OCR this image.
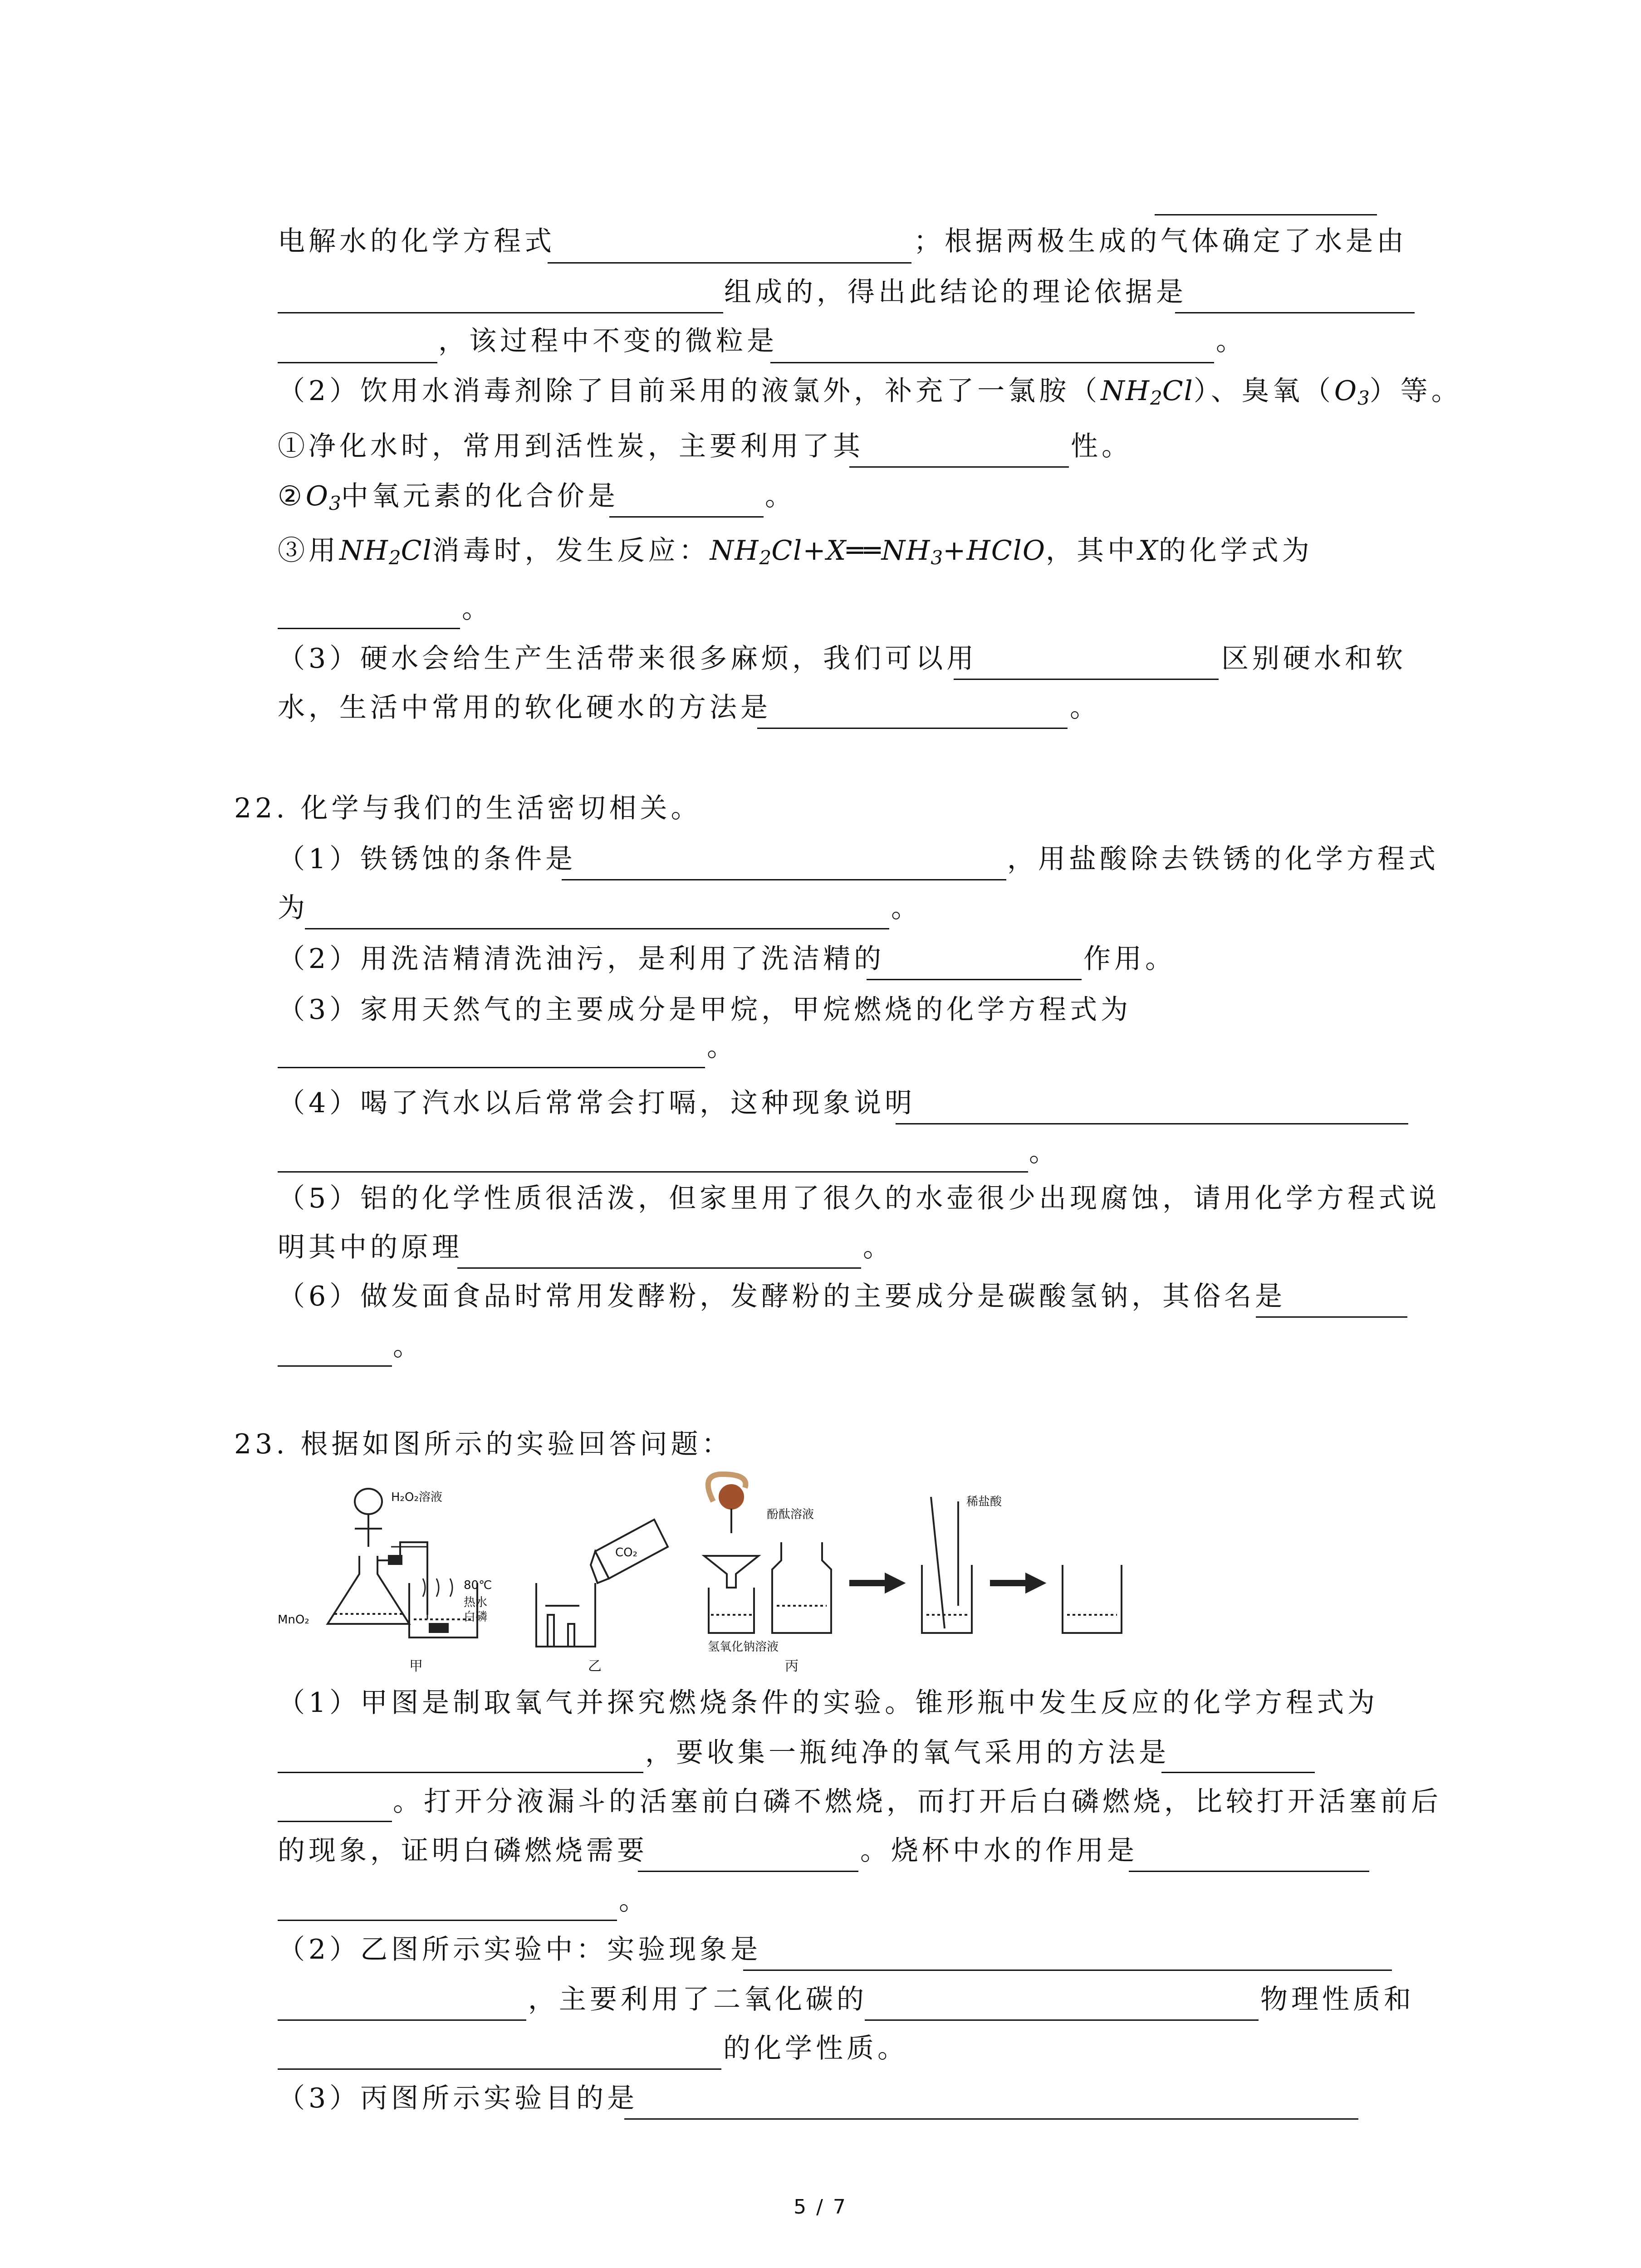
电解水的化学方程式	；根据两极生成的气体确定了水是由
组成的，得出此结论的理论依据是
，该过程中不变的微粒是	。
（2）饮用水消毒剂除了目前采用的液氯外，补充了一氯胺$(NH_2Cl)$、臭氧$(O_3)$等。
①净化水时，常用到活性炭，主要利用了其	性。
$②O_3$中氧元素的化合价是	。
③用$NH_2Cl$消毒时，发生反应：$NH_2Cl+X══NH_3+HClO$，其中X的化学式为
。
（3）硬水会给生产生活带来很多麻烦，我们可以用	区别硬水和软
水，生活中常用的软化硬水的方法是	。
22. 化学与我们的生活密切相关。
（1）铁锈蚀的条件是	，用盐酸除去铁锈的化学方程式
为	。
（2）用洗洁精清洗油污，是利用了洗洁精的	作用。
（3）家用天然气的主要成分是甲烷，甲烷燃烧的化学方程式为
。
（4）喝了汽水以后常常会打嗝，这种现象说明
。
（5）铝的化学性质很活泼，但家里用了很久的水壶很少出现腐蚀，请用化学方程式说
明其中的原理	。
（6）做发面食品时常用发酵粉，发酵粉的主要成分是碳酸氢钠，其俗名是
。
23. 根据如图所示的实验回答问题：
H₂O₂溶液
80℃
热水
白磷
MnO₂
CO₂
酚酞溶液
氢氧化钠溶液
稀盐酸
甲	乙	丙
（1）甲图是制取氧气并探究燃烧条件的实验。锥形瓶中发生反应的化学方程式为
，要收集一瓶纯净的氧气采用的方法是
。打开分液漏斗的活塞前白磷不燃烧，而打开后白磷燃烧，比较打开活塞前后
的现象，证明白磷燃烧需要	。烧杯中水的作用是
。
（2）乙图所示实验中：实验现象是
，主要利用了二氧化碳的	物理性质和
的化学性质。
（3）丙图所示实验目的是
5 / 7
